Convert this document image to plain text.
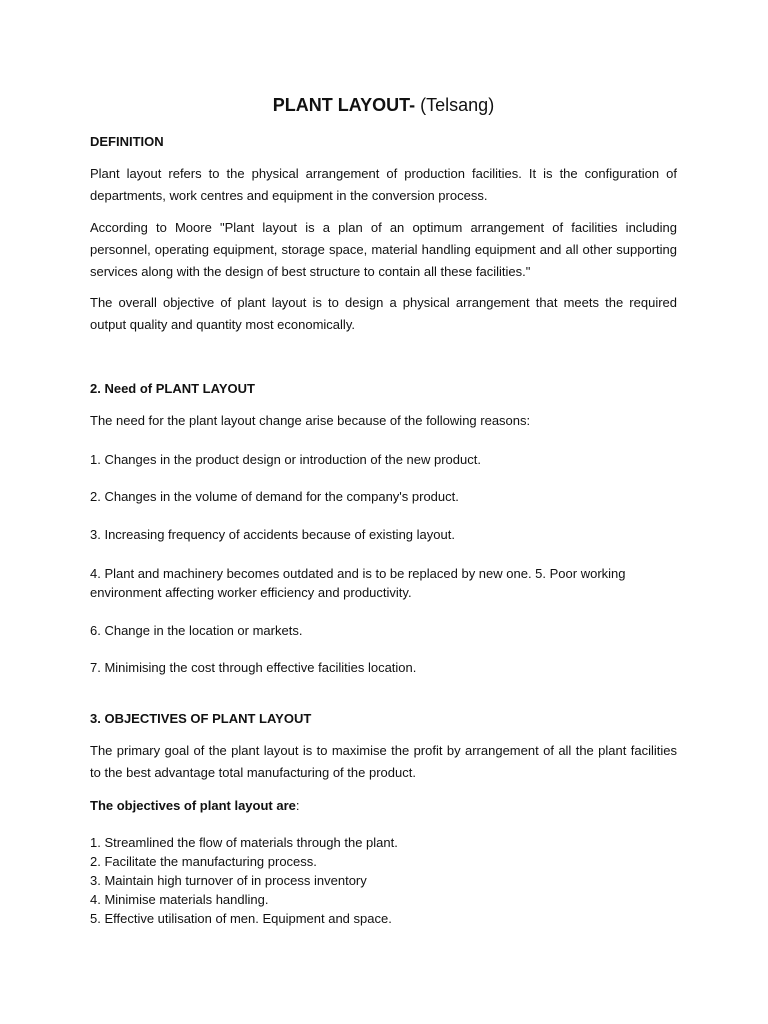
PLANT LAYOUT- (Telsang)
DEFINITION
Plant layout refers to the physical arrangement of production facilities. It is the configuration of departments, work centres and equipment in the conversion process.
According to Moore "Plant layout is a plan of an optimum arrangement of facilities including personnel, operating equipment, storage space, material handling equipment and all other supporting services along with the design of best structure to contain all these facilities."
The overall objective of plant layout is to design a physical arrangement that meets the required output quality and quantity most economically.
2. Need of PLANT LAYOUT
The need for the plant layout change arise because of the following reasons:
1. Changes in the product design or introduction of the new product.
2. Changes in the volume of demand for the company's product.
3. Increasing frequency of accidents because of existing layout.
4. Plant and machinery becomes outdated and is to be replaced by new one. 5. Poor working environment affecting worker efficiency and productivity.
6. Change in the location or markets.
7. Minimising the cost through effective facilities location.
3. OBJECTIVES OF PLANT LAYOUT
The primary goal of the plant layout is to maximise the profit by arrangement of all the plant facilities to the best advantage total manufacturing of the product.
The objectives of plant layout are:
1. Streamlined the flow of materials through the plant.
2. Facilitate the manufacturing process.
3. Maintain high turnover of in process inventory
4. Minimise materials handling.
5. Effective utilisation of men. Equipment and space.
